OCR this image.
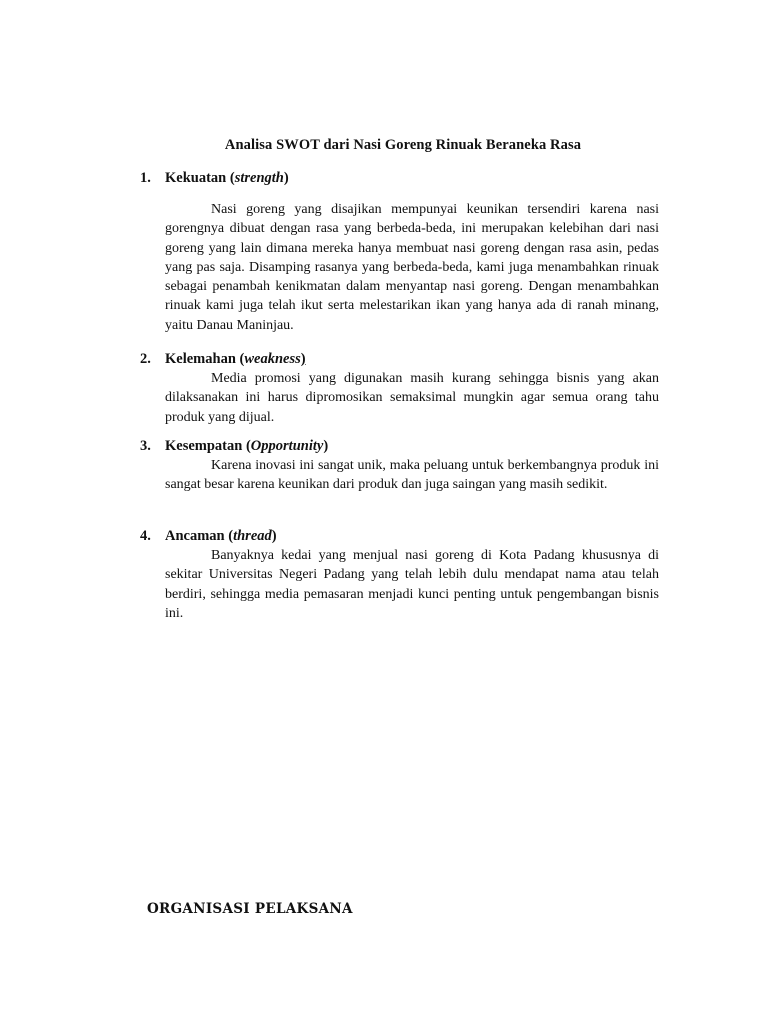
Analisa SWOT dari Nasi Goreng Rinuak Beraneka Rasa
1. Kekuatan (strength)
Nasi goreng yang disajikan mempunyai keunikan tersendiri karena nasi gorengnya dibuat dengan rasa yang berbeda-beda, ini merupakan kelebihan dari nasi goreng yang lain dimana mereka hanya membuat nasi goreng dengan rasa asin, pedas yang pas saja. Disamping rasanya yang berbeda-beda, kami juga menambahkan rinuak sebagai penambah kenikmatan dalam menyantap nasi goreng. Dengan menambahkan rinuak kami juga telah ikut serta melestarikan ikan yang hanya ada di ranah minang, yaitu Danau Maninjau.
2. Kelemahan (weakness)
Media promosi yang digunakan masih kurang sehingga bisnis yang akan dilaksanakan ini harus dipromosikan semaksimal mungkin agar semua orang tahu produk yang dijual.
3. Kesempatan (Opportunity)
Karena inovasi ini sangat unik, maka peluang untuk berkembangnya produk ini sangat besar karena keunikan dari produk dan juga saingan yang masih sedikit.
4. Ancaman (thread)
Banyaknya kedai yang menjual nasi goreng di Kota Padang khususnya di sekitar Universitas Negeri Padang yang telah lebih dulu mendapat nama atau telah berdiri, sehingga media pemasaran menjadi kunci penting untuk pengembangan bisnis ini.
ORGANISASI PELAKSANA
